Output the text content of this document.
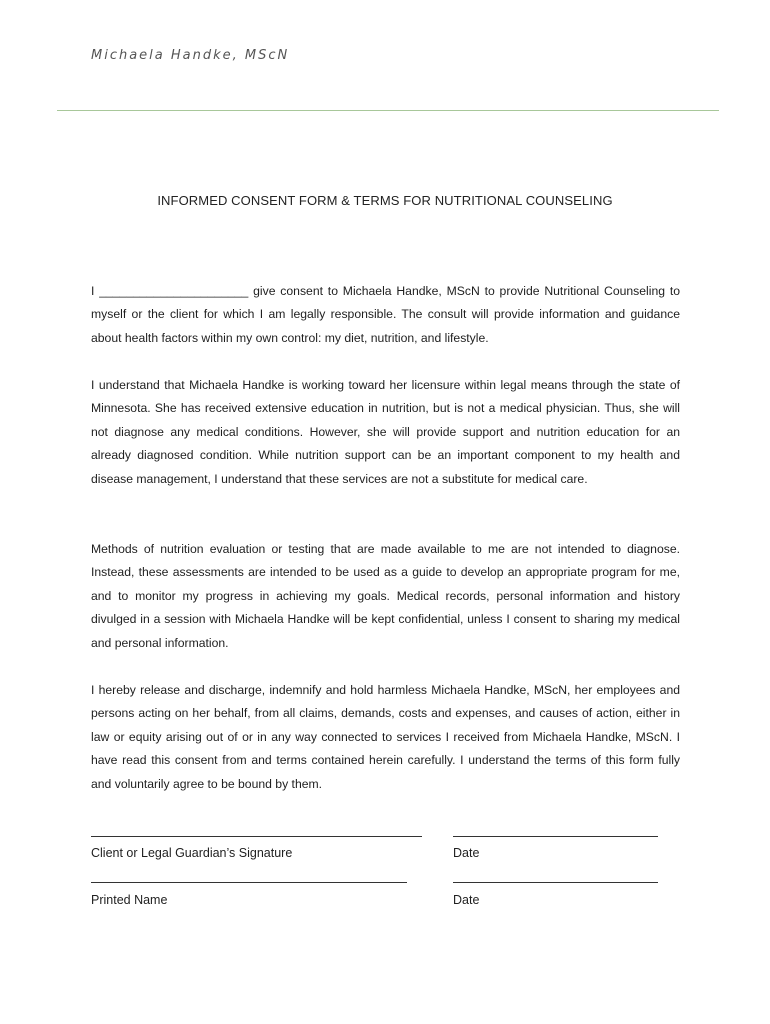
Michaela Handke, MScN
INFORMED CONSENT FORM & TERMS FOR NUTRITIONAL COUNSELING
I ______________________ give consent to Michaela Handke, MScN to provide Nutritional Counseling to myself or the client for which I am legally responsible. The consult will provide information and guidance about health factors within my own control: my diet, nutrition, and lifestyle.
I understand that Michaela Handke is working toward her licensure within legal means through the state of Minnesota. She has received extensive education in nutrition, but is not a medical physician. Thus, she will not diagnose any medical conditions. However, she will provide support and nutrition education for an already diagnosed condition. While nutrition support can be an important component to my health and disease management, I understand that these services are not a substitute for medical care.
Methods of nutrition evaluation or testing that are made available to me are not intended to diagnose. Instead, these assessments are intended to be used as a guide to develop an appropriate program for me, and to monitor my progress in achieving my goals. Medical records, personal information and history divulged in a session with Michaela Handke will be kept confidential, unless I consent to sharing my medical and personal information.
I hereby release and discharge, indemnify and hold harmless Michaela Handke, MScN, her employees and persons acting on her behalf, from all claims, demands, costs and expenses, and causes of action, either in law or equity arising out of or in any way connected to services I received from Michaela Handke, MScN. I have read this consent from and terms contained herein carefully. I understand the terms of this form fully and voluntarily agree to be bound by them.
Client or Legal Guardian’s Signature	Date
Printed Name	Date
